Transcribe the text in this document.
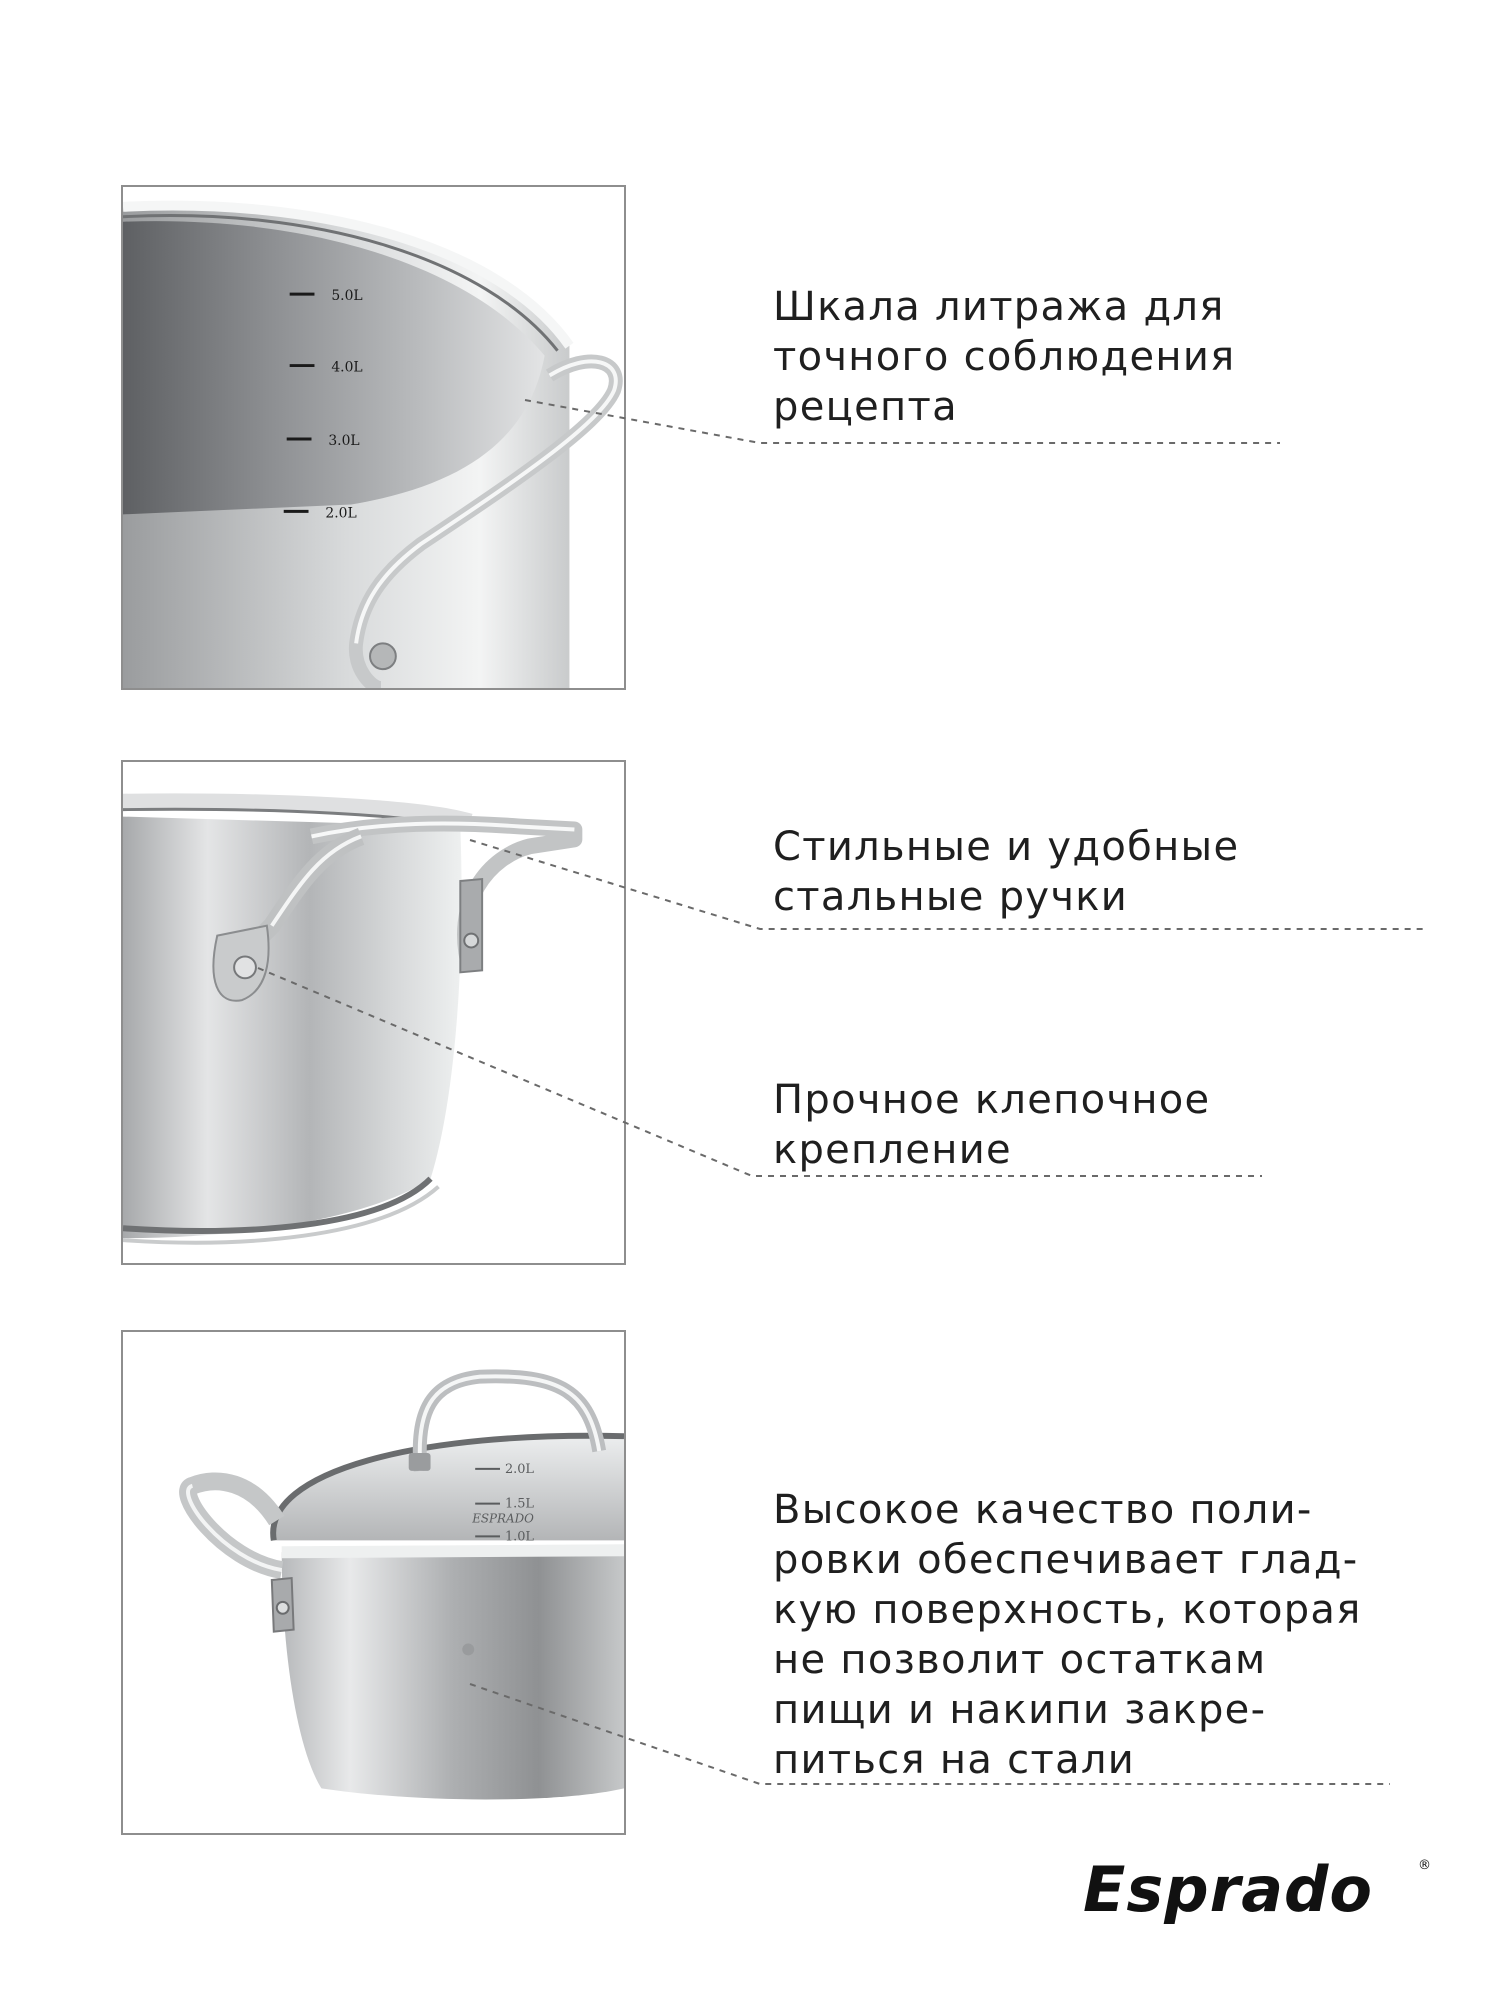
5.0L
4.0L
3.0L
2.0L
2.0L
1.5L
1.0L
ESPRADO

Шкала литража для
точного соблюдения
рецепта

Стильные и удобные
стальные ручки

Прочное клепочное
крепление

Высокое качество поли-
ровки обеспечивает глад-
кую поверхность, которая
не позволит остаткам
пищи и накипи закре-
питься на стали

Esprado	®
